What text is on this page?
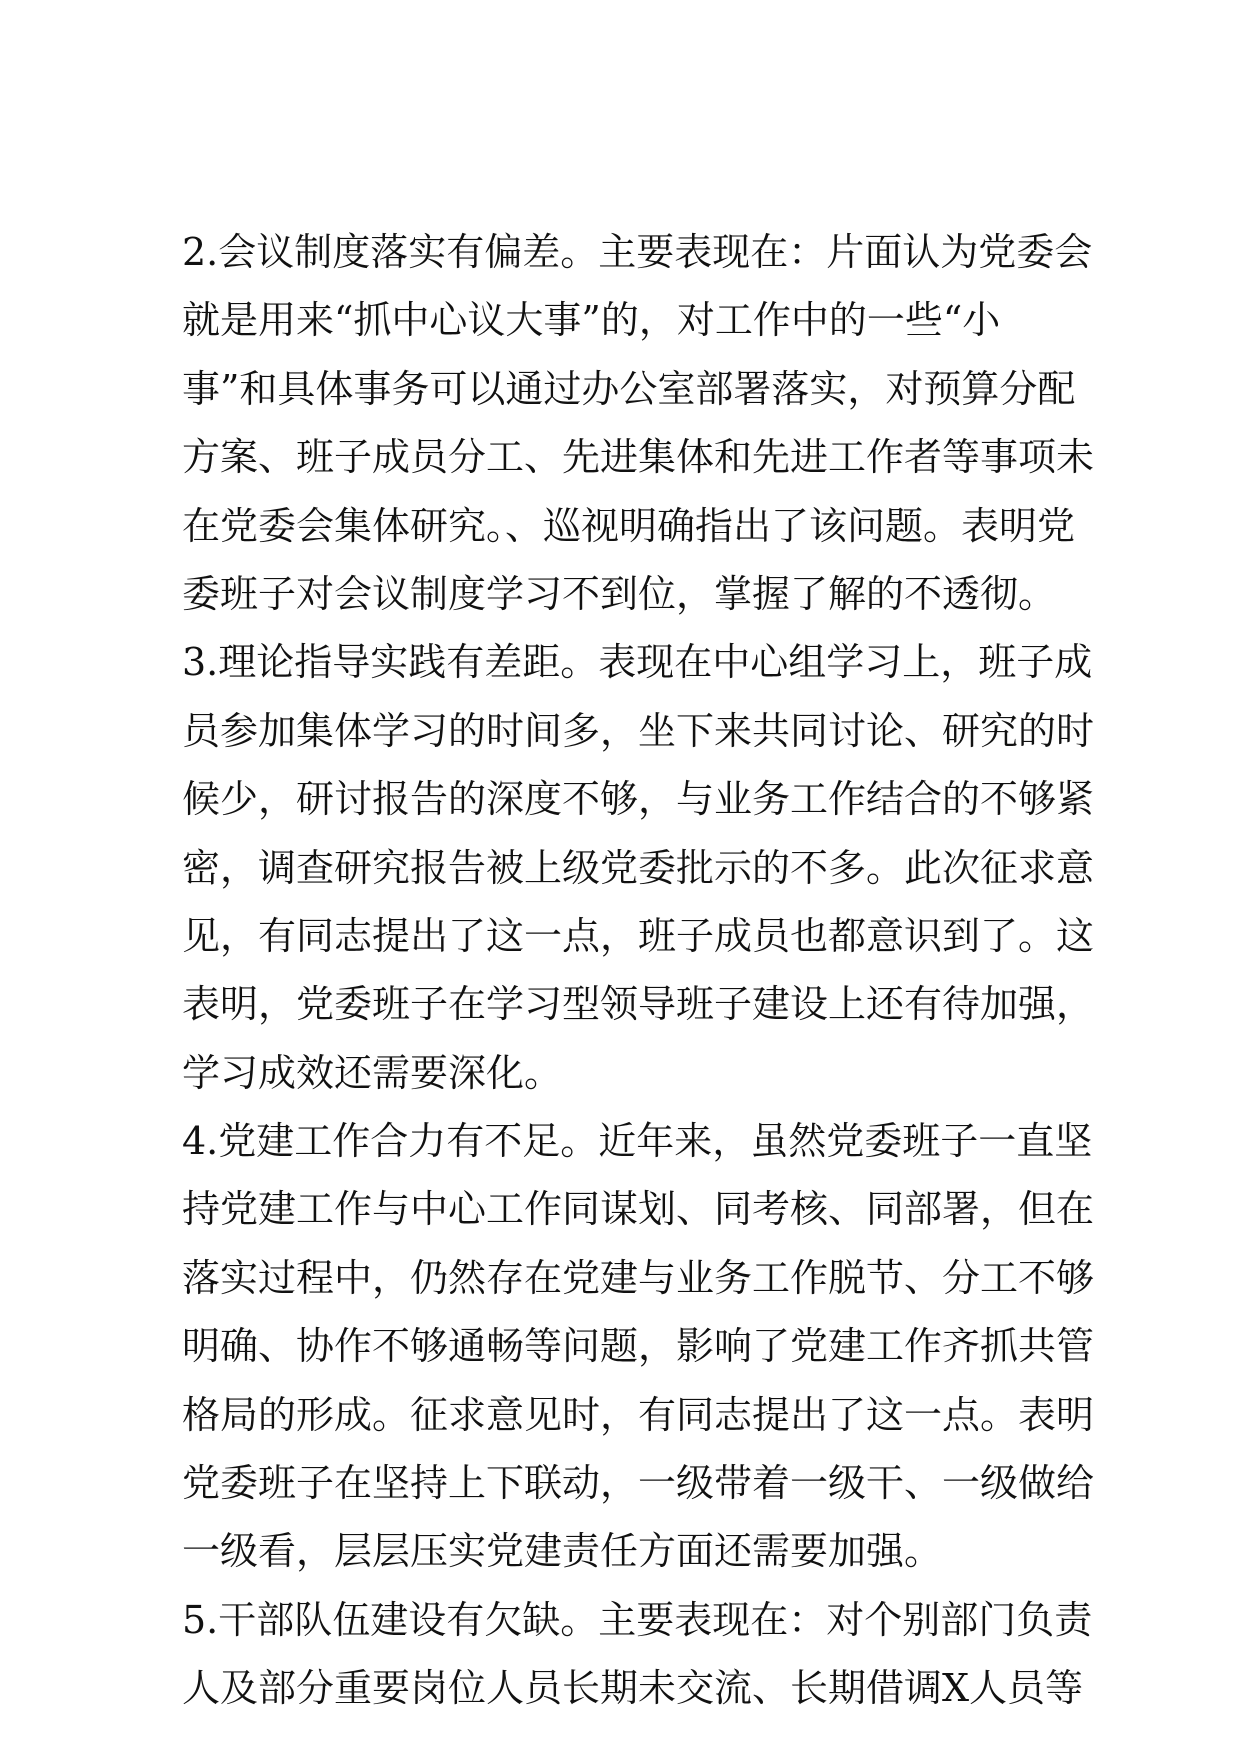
2.会议制度落实有偏差。主要表现在：片面认为党委会
就是用来“抓中心议大事”的，对工作中的一些“小
事”和具体事务可以通过办公室部署落实，对预算分配
方案、班子成员分工、先进集体和先进工作者等事项未
在党委会集体研究。、巡视明确指出了该问题。表明党
委班子对会议制度学习不到位，掌握了解的不透彻。
3.理论指导实践有差距。表现在中心组学习上，班子成
员参加集体学习的时间多，坐下来共同讨论、研究的时
候少，研讨报告的深度不够，与业务工作结合的不够紧
密，调查研究报告被上级党委批示的不多。此次征求意
见，有同志提出了这一点，班子成员也都意识到了。这
表明，党委班子在学习型领导班子建设上还有待加强，
学习成效还需要深化。
4.党建工作合力有不足。近年来，虽然党委班子一直坚
持党建工作与中心工作同谋划、同考核、同部署，但在
落实过程中，仍然存在党建与业务工作脱节、分工不够
明确、协作不够通畅等问题，影响了党建工作齐抓共管
格局的形成。征求意见时，有同志提出了这一点。表明
党委班子在坚持上下联动，一级带着一级干、一级做给
一级看，层层压实党建责任方面还需要加强。
5.干部队伍建设有欠缺。主要表现在：对个别部门负责
人及部分重要岗位人员长期未交流、长期借调X人员等
